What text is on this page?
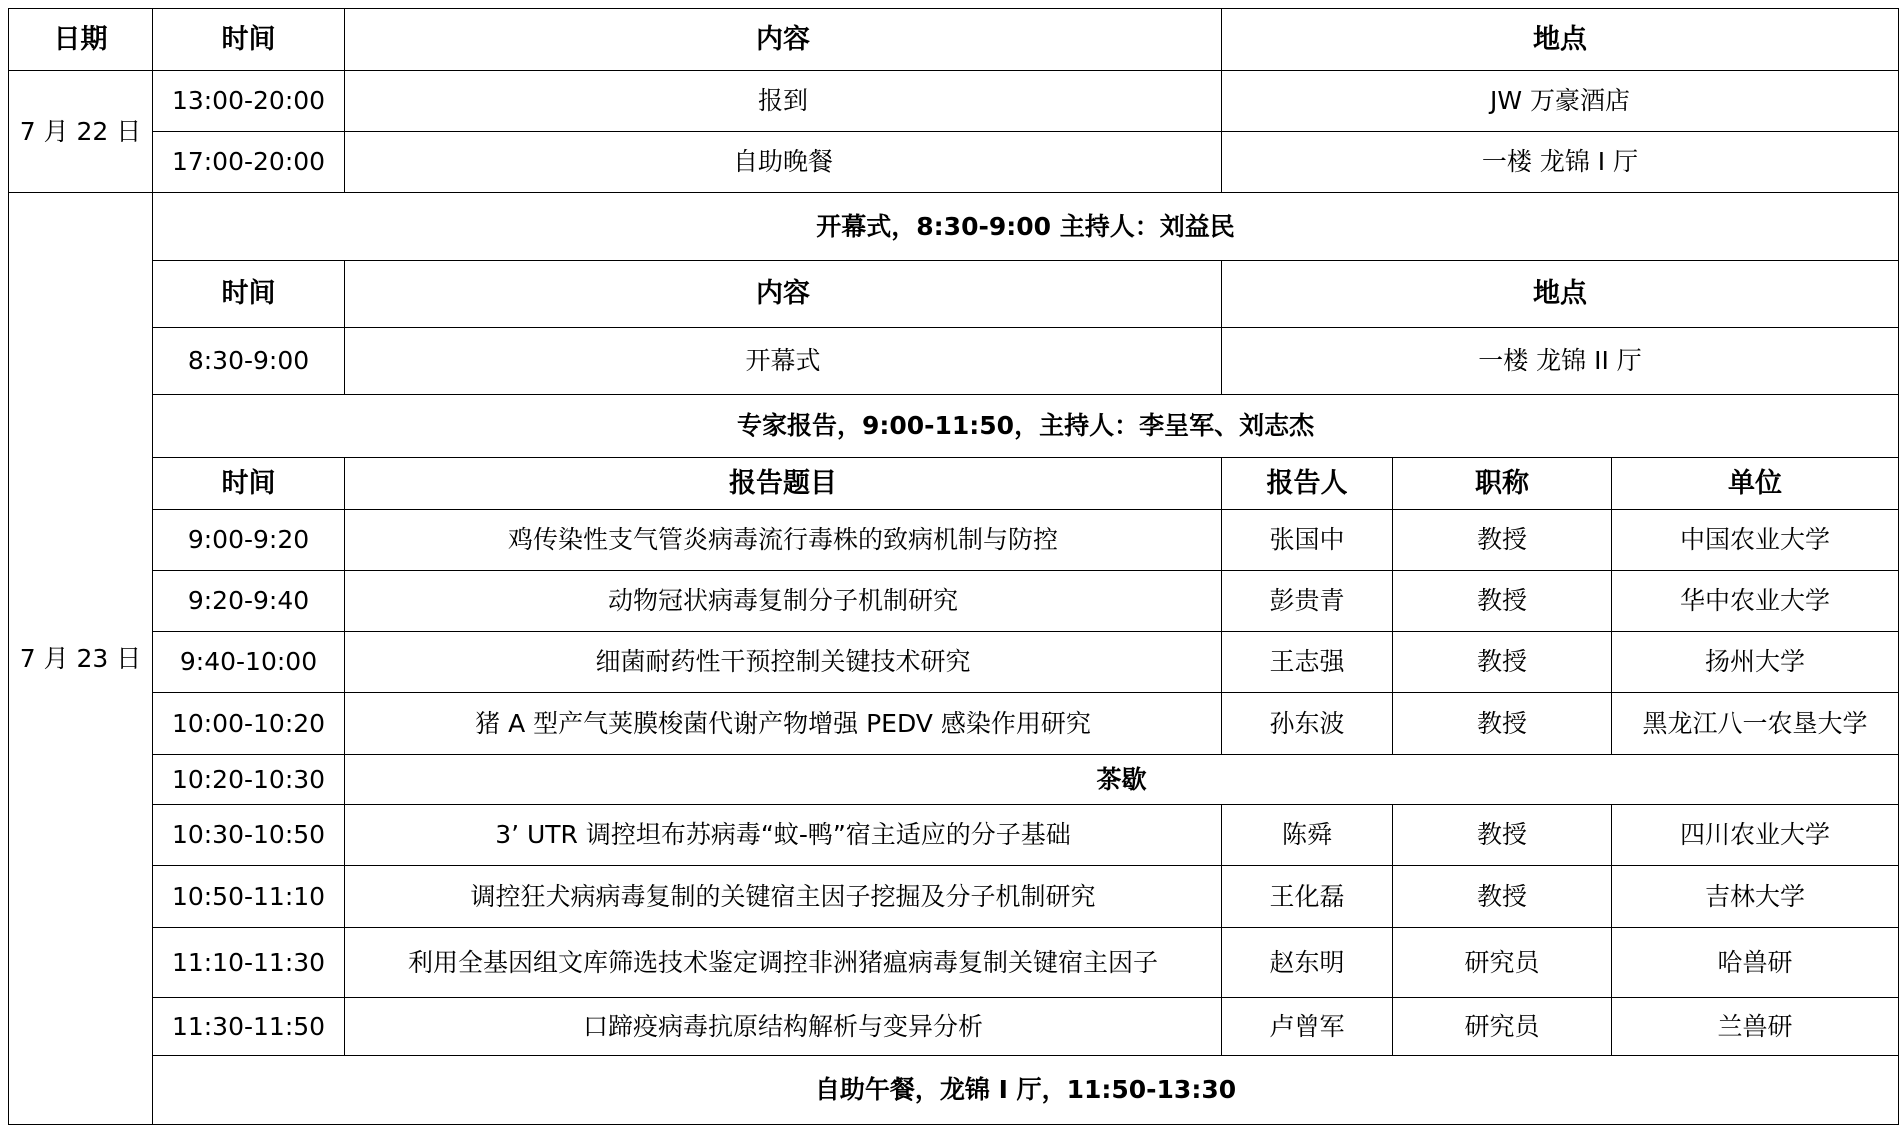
日期	时间	内容	地点		
7 月 22 日	13:00-20:00	报到	JW 万豪酒店		
	17:00-20:00	自助晚餐	一楼 龙锦 I 厅		
7 月 23 日	开幕式，8:30-9:00 主持人：刘益民				
	时间	内容	地点		
	8:30-9:00	开幕式	一楼 龙锦 II 厅		
	专家报告，9:00-11:50，主持人：李呈军、刘志杰				
	时间	报告题目	报告人	职称	单位
	9:00-9:20	鸡传染性支气管炎病毒流行毒株的致病机制与防控	张国中	教授	中国农业大学
	9:20-9:40	动物冠状病毒复制分子机制研究	彭贵青	教授	华中农业大学
	9:40-10:00	细菌耐药性干预控制关键技术研究	王志强	教授	扬州大学
	10:00-10:20	猪 A 型产气荚膜梭菌代谢产物增强 PEDV 感染作用研究	孙东波	教授	黑龙江八一农垦大学
	10:20-10:30	茶歇			
	10:30-10:50	3’ UTR 调控坦布苏病毒“蚊-鸭”宿主适应的分子基础	陈舜	教授	四川农业大学
	10:50-11:10	调控狂犬病病毒复制的关键宿主因子挖掘及分子机制研究	王化磊	教授	吉林大学
	11:10-11:30	利用全基因组文库筛选技术鉴定调控非洲猪瘟病毒复制关键宿主因子	赵东明	研究员	哈兽研
	11:30-11:50	口蹄疫病毒抗原结构解析与变异分析	卢曾军	研究员	兰兽研
	自助午餐，龙锦 I 厅，11:50-13:30				
